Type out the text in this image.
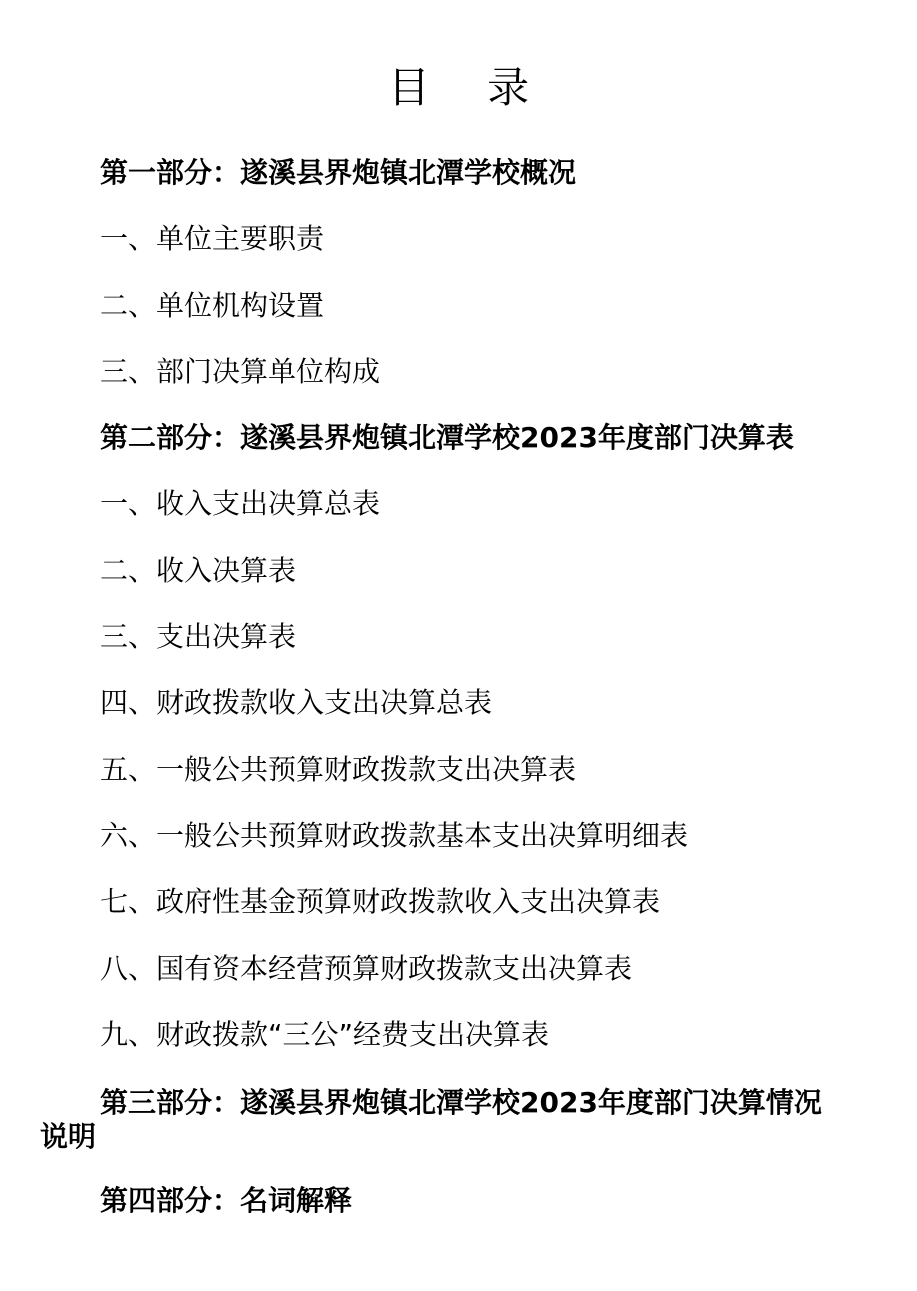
目 录
第一部分：遂溪县界炮镇北潭学校概况
一、单位主要职责
二、单位机构设置
三、部门决算单位构成
第二部分：遂溪县界炮镇北潭学校2023年度部门决算表
一、收入支出决算总表
二、收入决算表
三、支出决算表
四、财政拨款收入支出决算总表
五、一般公共预算财政拨款支出决算表
六、一般公共预算财政拨款基本支出决算明细表
七、政府性基金预算财政拨款收入支出决算表
八、国有资本经营预算财政拨款支出决算表
九、财政拨款“三公”经费支出决算表
第三部分：遂溪县界炮镇北潭学校2023年度部门决算情况说明
第四部分：名词解释
